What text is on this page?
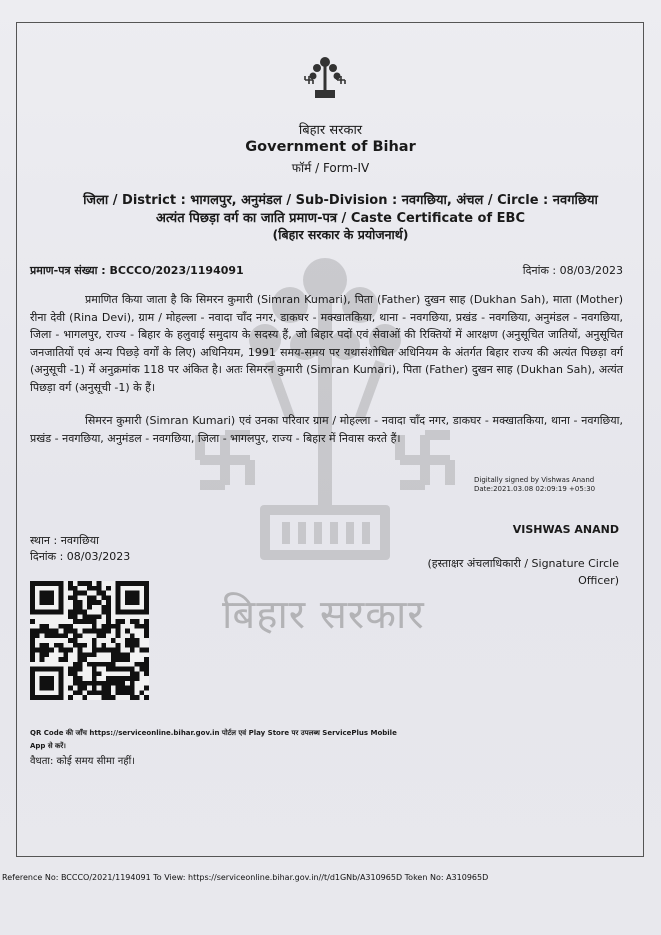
बिहार सरकार
बिहार सरकार
Government of Bihar
फॉर्म / Form-IV
जिला / District : भागलपुर, अनुमंडल / Sub-Division : नवगछिया, अंचल / Circle : नवगछिया
अत्यंत पिछड़ा वर्ग का जाति प्रमाण-पत्र / Caste Certificate of EBC
(बिहार सरकार के प्रयोजनार्थ)
प्रमाण-पत्र संख्या : BCCCO/2023/1194091	दिनांक : 08/03/2023
प्रमाणित किया जाता है कि सिमरन कुमारी (Simran Kumari), पिता (Father) दुखन साह (Dukhan Sah), माता (Mother) रीना देवी (Rina Devi), ग्राम / मोहल्ला - नवादा चाँद नगर, डाकघर - मक्खातकिया, थाना - नवगछिया, प्रखंड - नवगछिया, अनुमंडल - नवगछिया, जिला - भागलपुर, राज्य - बिहार के हलुवाई समुदाय के सदस्य हैं, जो बिहार पदों एवं सेवाओं की रिक्तियों में आरक्षण (अनुसूचित जातियों, अनुसूचित जनजातियों एवं अन्य पिछड़े वर्गों के लिए) अधिनियम, 1991 समय-समय पर यथासंशोधित अधिनियम के अंतर्गत बिहार राज्य की अत्यंत पिछड़ा वर्ग (अनुसूची -1) में अनुक्रमांक 118 पर अंकित है। अतः सिमरन कुमारी (Simran Kumari), पिता (Father) दुखन साह (Dukhan Sah), अत्यंत पिछड़ा वर्ग (अनुसूची -1) के हैं।
सिमरन कुमारी (Simran Kumari) एवं उनका परिवार ग्राम / मोहल्ला - नवादा चाँद नगर, डाकघर - मक्खातकिया, थाना - नवगछिया, प्रखंड - नवगछिया, अनुमंडल - नवगछिया, जिला - भागलपुर, राज्य - बिहार में निवास करते हैं।
Digitally signed by Vishwas Anand
Date:2021.03.08 02:09:19 +05:30
VISHWAS ANAND
(हस्ताक्षर अंचलाधिकारी / Signature Circle Officer)
स्थान : नवगछिया
दिनांक : 08/03/2023
QR Code की जाँच https://serviceonline.bihar.gov.in पोर्टल एवं Play Store पर उपलब्ध ServicePlus Mobile App से करें।
वैधता: कोई समय सीमा नहीं।
Reference No: BCCCO/2021/1194091 To View: https://serviceonline.bihar.gov.in//t/d1GNb/A310965D Token No: A310965D
